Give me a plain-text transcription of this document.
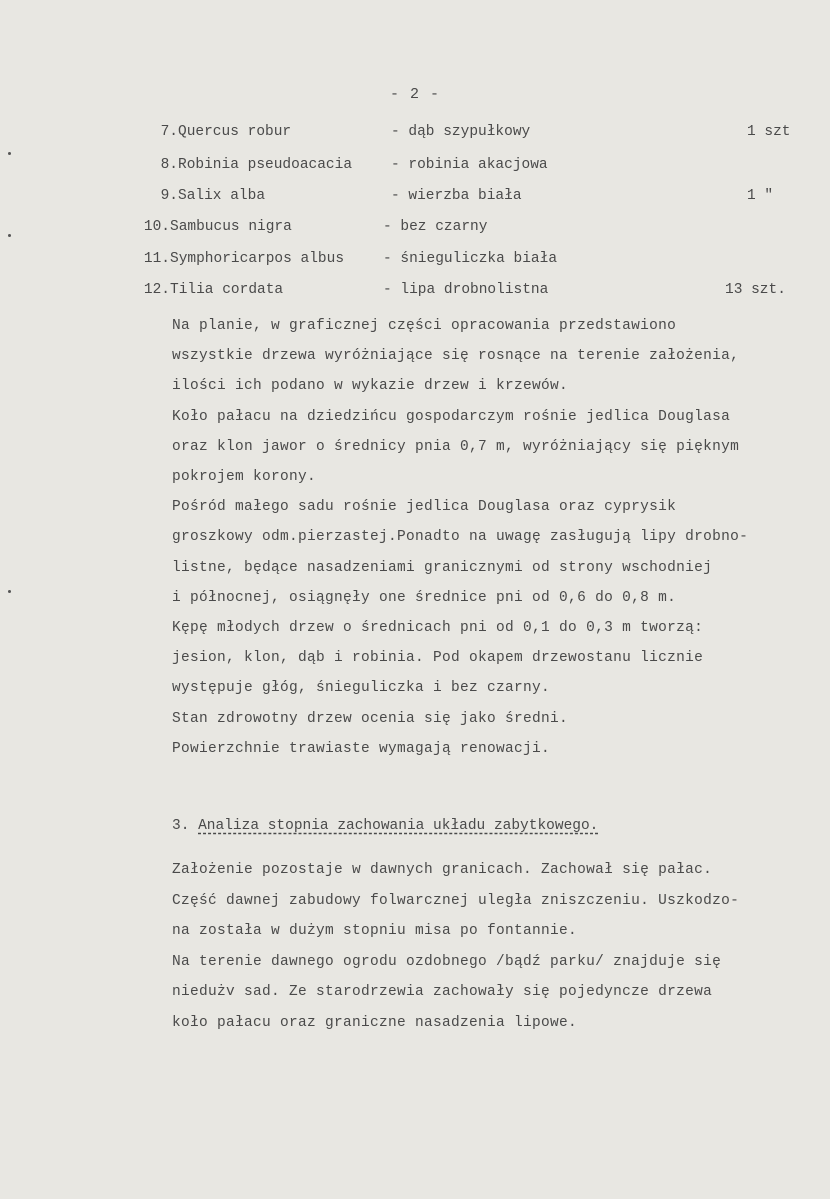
- 2 -
7. Quercus robur	- dąb szypułkowy	1 szt
8. Robinia pseudoacacia	- robinia akacjowa
9. Salix alba	- wierzba biała	1 "
10. Sambucus nigra	- bez czarny
11. Symphoricarpos albus	- śnieguliczka biała
12. Tilia cordata	- lipa drobnolistna	13 szt.
Na planie, w graficznej części opracowania przedstawiono
wszystkie drzewa wyróżniające się rosnące na terenie założenia,
ilości ich podano w wykazie drzew i krzewów.
Koło pałacu na dziedzińcu gospodarczym rośnie jedlica Douglasa
oraz klon jawor o średnicy pnia 0,7 m, wyróżniający się pięknym
pokrojem korony.
Pośród małego sadu rośnie jedlica Douglasa oraz cyprysik
groszkowy odm.pierzastej.Ponadto na uwagę zasługują lipy drobno-
listne, będące nasadzeniami granicznymi od strony wschodniej
i północnej, osiągnęły one średnice pni od 0,6 do 0,8 m.
Kępę młodych drzew o średnicach pni od 0,1 do 0,3 m tworzą:
jesion, klon, dąb i robinia. Pod okapem drzewostanu licznie
występuje głóg, śnieguliczka i bez czarny.
Stan zdrowotny drzew ocenia się jako średni.
Powierzchnie trawiaste wymagają renowacji.
3. Analiza stopnia zachowania układu zabytkowego.
Założenie pozostaje w dawnych granicach. Zachował się pałac.
Część dawnej zabudowy folwarcznej uległa zniszczeniu. Uszkodzo-
na została w dużym stopniu misa po fontannie.
Na terenie dawnego ogrodu ozdobnego /bądź parku/ znajduje się
niedużv sad. Ze starodrzewia zachowały się pojedyncze drzewa
koło pałacu oraz graniczne nasadzenia lipowe.
